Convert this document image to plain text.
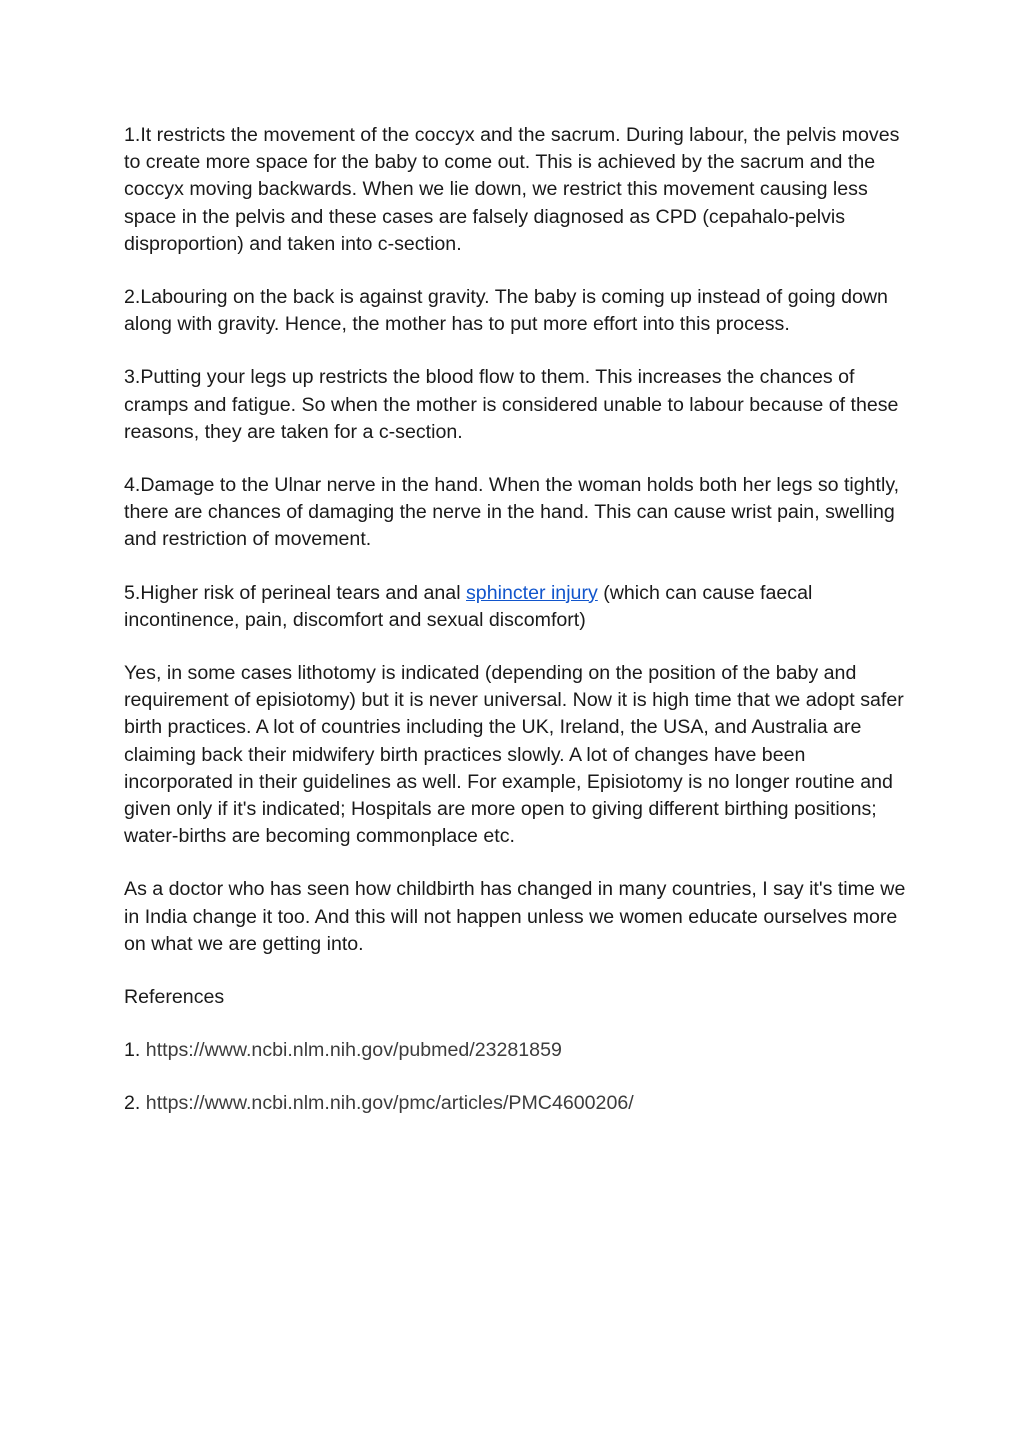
1.It restricts the movement of the coccyx and the sacrum. During labour, the pelvis moves to create more space for the baby to come out. This is achieved by the sacrum and the coccyx moving backwards. When we lie down, we restrict this movement causing less space in the pelvis and these cases are falsely diagnosed as CPD (cepahalo-pelvis disproportion) and taken into c-section.

2.Labouring on the back is against gravity. The baby is coming up instead of going down along with gravity. Hence, the mother has to put more effort into this process.

3.Putting your legs up restricts the blood flow to them. This increases the chances of cramps and fatigue. So when the mother is considered unable to labour because of these reasons, they are taken for a c-section.

4.Damage to the Ulnar nerve in the hand. When the woman holds both her legs so tightly, there are chances of damaging the nerve in the hand. This can cause wrist pain, swelling and restriction of movement.

5.Higher risk of perineal tears and anal sphincter injury (which can cause faecal incontinence, pain, discomfort and sexual discomfort)

Yes, in some cases lithotomy is indicated (depending on the position of the baby and requirement of episiotomy) but it is never universal. Now it is high time that we adopt safer birth practices. A lot of countries including the UK, Ireland, the USA, and Australia are claiming back their midwifery birth practices slowly. A lot of changes have been incorporated in their guidelines as well. For example, Episiotomy is no longer routine and given only if it's indicated; Hospitals are more open to giving different birthing positions; water-births are becoming commonplace etc.

As a doctor who has seen how childbirth has changed in many countries, I say it's time we in India change it too. And this will not happen unless we women educate ourselves more on what we are getting into.

References

1. https://www.ncbi.nlm.nih.gov/pubmed/23281859

2. https://www.ncbi.nlm.nih.gov/pmc/articles/PMC4600206/
